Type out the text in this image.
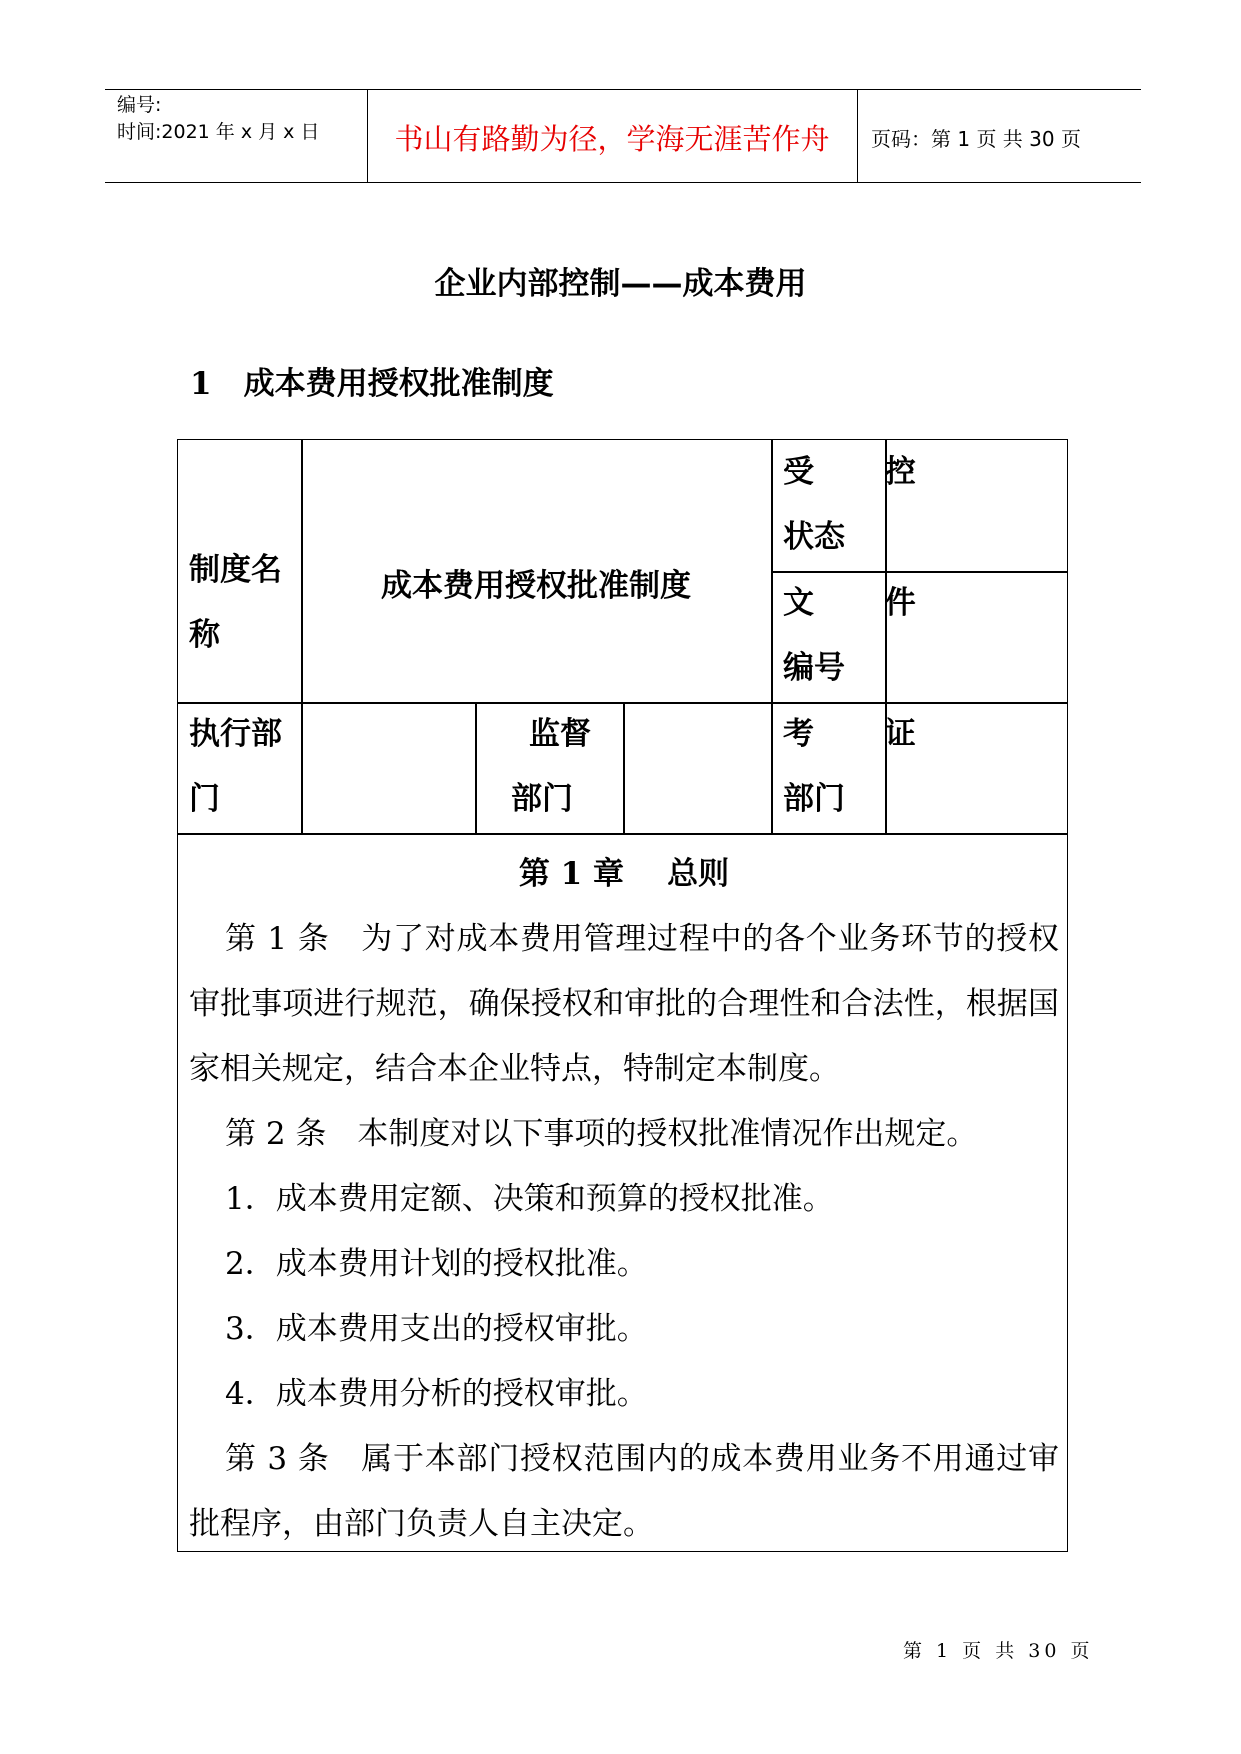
编号:
时间:2021 年 x 月 x 日	书山有路勤为径，学海无涯苦作舟	页码：第 1 页 共 30 页
企业内部控制——成本费用
1 成本费用授权批准制度
制度名
称
成本费用授权批准制度
受 控
状态
文 件
编号
执行部
门
监督
部门
考 证
部门
第 1 章 总则

第 1 条　为了对成本费用管理过程中的各个业务环节的授权审批事项进行规范，确保授权和审批的合理性和合法性，根据国家相关规定，结合本企业特点，特制定本制度。

第 2 条　本制度对以下事项的授权批准情况作出规定。

1．成本费用定额、决策和预算的授权批准。

2．成本费用计划的授权批准。

3．成本费用支出的授权审批。

4．成本费用分析的授权审批。

第 3 条　属于本部门授权范围内的成本费用业务不用通过审批程序，由部门负责人自主决定。

第 1 页 共 30 页
